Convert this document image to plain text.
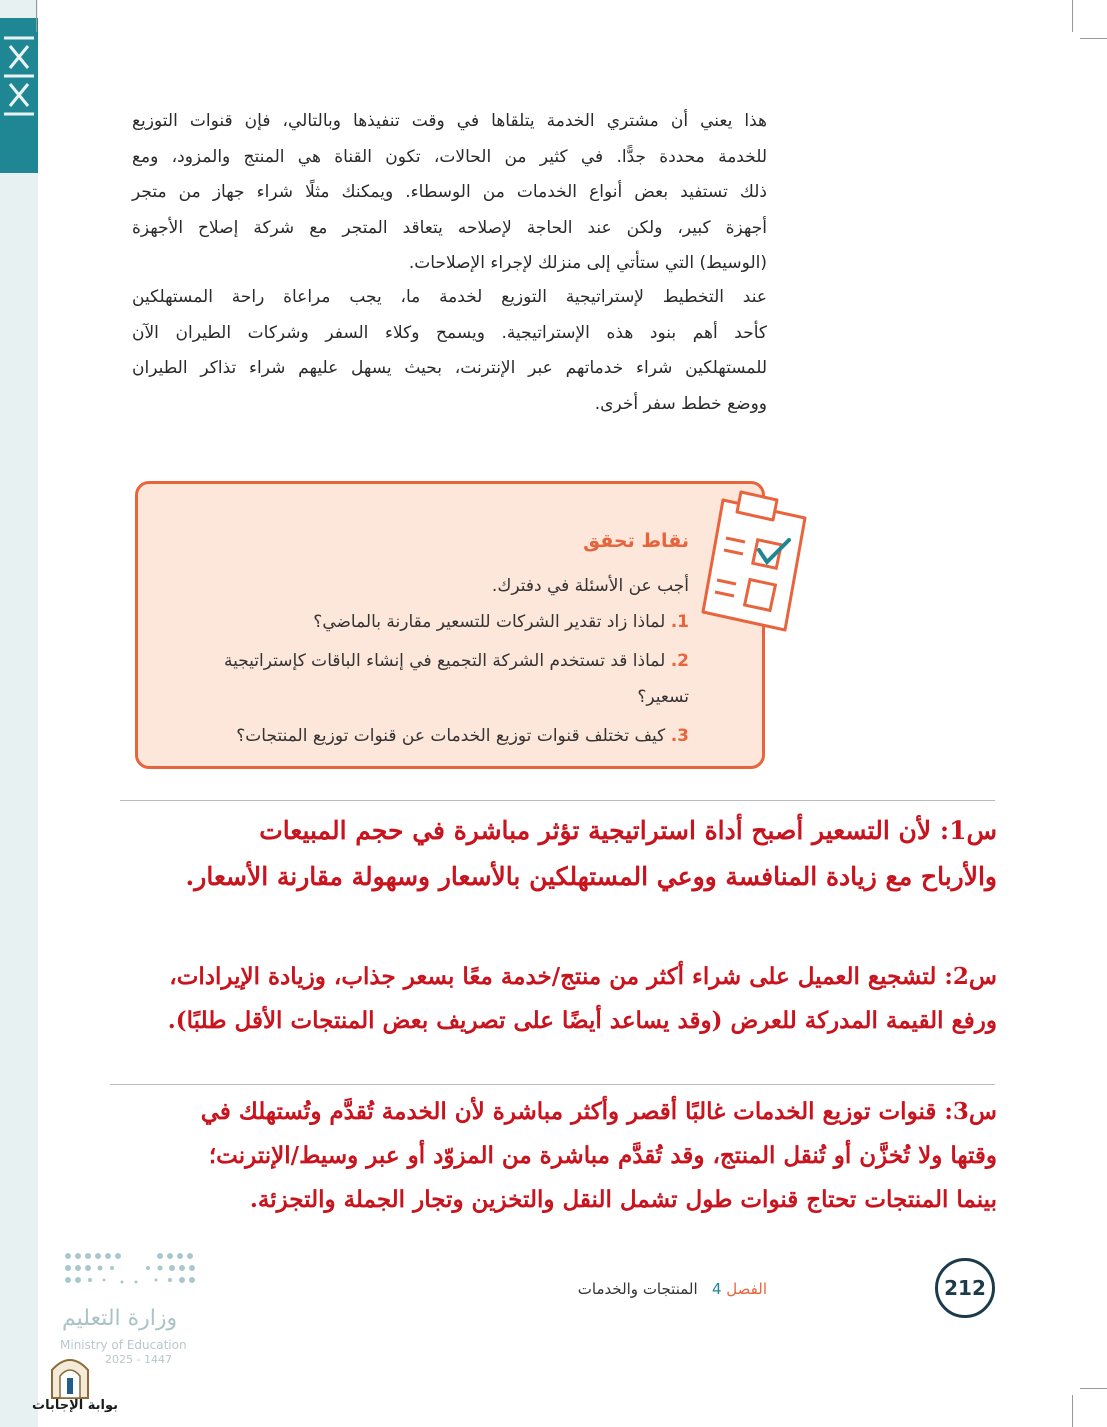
هذا يعني أن مشتري الخدمة يتلقاها في وقت تنفيذها وبالتالي، فإن قنوات التوزيع
للخدمة محددة جدًّا. في كثير من الحالات، تكون القناة هي المنتج والمزود، ومع
ذلك تستفيد بعض أنواع الخدمات من الوسطاء. ويمكنك مثلًا شراء جهاز من متجر
أجهزة كبير، ولكن عند الحاجة لإصلاحه يتعاقد المتجر مع شركة إصلاح الأجهزة
(الوسيط) التي ستأتي إلى منزلك لإجراء الإصلاحات.
عند التخطيط لإستراتيجية التوزيع لخدمة ما، يجب مراعاة راحة المستهلكين
كأحد أهم بنود هذه الإستراتيجية. ويسمح وكلاء السفر وشركات الطيران الآن
للمستهلكين شراء خدماتهم عبر الإنترنت، بحيث يسهل عليهم شراء تذاكر الطيران
ووضع خطط سفر أخرى.
نقاط تحقق
أجب عن الأسئلة في دفترك.
1. لماذا زاد تقدير الشركات للتسعير مقارنة بالماضي؟
2. لماذا قد تستخدم الشركة التجميع في إنشاء الباقات كإستراتيجية
تسعير؟
3. كيف تختلف قنوات توزيع الخدمات عن قنوات توزيع المنتجات؟
س1: لأن التسعير أصبح أداة استراتيجية تؤثر مباشرة في حجم المبيعات
والأرباح مع زيادة المنافسة ووعي المستهلكين بالأسعار وسهولة مقارنة الأسعار.
س2: لتشجيع العميل على شراء أكثر من منتج/خدمة معًا بسعر جذاب، وزيادة الإيرادات،
ورفع القيمة المدركة للعرض (وقد يساعد أيضًا على تصريف بعض المنتجات الأقل طلبًا).
س3: قنوات توزيع الخدمات غالبًا أقصر وأكثر مباشرة لأن الخدمة تُقدَّم وتُستهلك في
وقتها ولا تُخزَّن أو تُنقل المنتج، وقد تُقدَّم مباشرة من المزوّد أو عبر وسيط/الإنترنت؛
بينما المنتجات تحتاج قنوات طول تشمل النقل والتخزين وتجار الجملة والتجزئة.
212
الفصل 4   المنتجات والخدمات
وزارة التعليم
Ministry of Education
2025 - 1447
بوابة الإجابات
